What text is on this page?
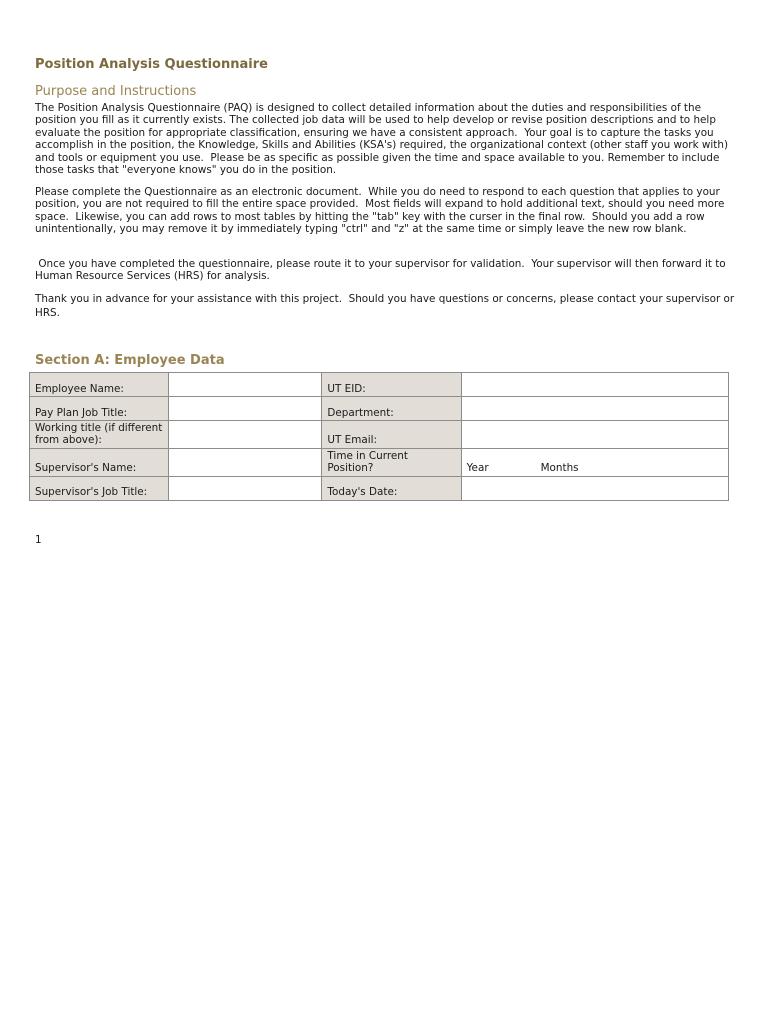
Position Analysis Questionnaire
Purpose and Instructions

The Position Analysis Questionnaire (PAQ) is designed to collect detailed information about the duties and responsibilities of the position you fill as it currently exists. The collected job data will be used to help develop or revise position descriptions and to help evaluate the position for appropriate classification, ensuring we have a consistent approach.  Your goal is to capture the tasks you accomplish in the position, the Knowledge, Skills and Abilities (KSA's) required, the organizational context (other staff you work with) and tools or equipment you use.  Please be as specific as possible given the time and space available to you. Remember to include those tasks that "everyone knows" you do in the position.

Please complete the Questionnaire as an electronic document.  While you do need to respond to each question that applies to your position, you are not required to fill the entire space provided.  Most fields will expand to hold additional text, should you need more space.  Likewise, you can add rows to most tables by hitting the "tab" key with the curser in the final row.  Should you add a row unintentionally, you may remove it by immediately typing "ctrl" and "z" at the same time or simply leave the new row blank.

Once you have completed the questionnaire, please route it to your supervisor for validation.  Your supervisor will then forward it to Human Resource Services (HRS) for analysis.

Thank you in advance for your assistance with this project.  Should you have questions or concerns, please contact your supervisor or HRS.

Section A: Employee Data
Employee Name:		UT EID:	
Pay Plan Job Title:		Department:	
Working title (if different from above):		UT Email:	
Supervisor's Name:		Time in Current Position?	Year Months
Supervisor's Job Title:		Today's Date:	
1
